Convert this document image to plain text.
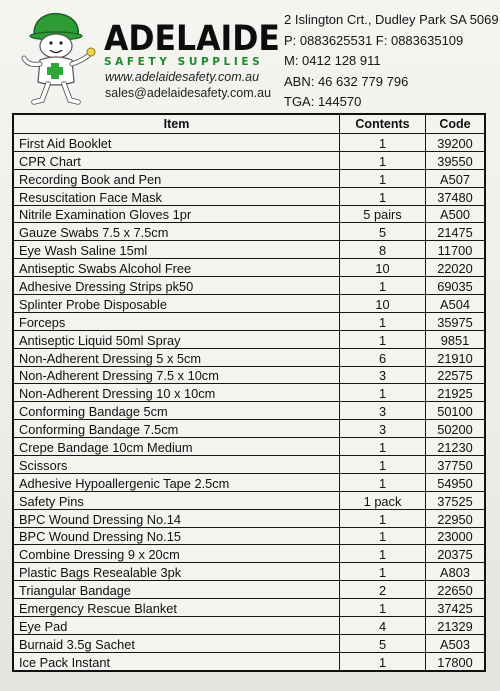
ADELAIDE
SAFETY SUPPLIES
www.adelaidesafety.com.au
sales@adelaidesafety.com.au
2 Islington Crt., Dudley Park SA 5069
P: 0883625531 F: 0883635109
M: 0412 128 911
ABN: 46 632 779 796
TGA: 144570
Item	Contents	Code
First Aid Booklet	1	39200
CPR Chart	1	39550
Recording Book and Pen	1	A507
Resuscitation Face Mask	1	37480
Nitrile Examination Gloves 1pr	5 pairs	A500
Gauze Swabs 7.5 x 7.5cm	5	21475
Eye Wash Saline 15ml	8	11700
Antiseptic Swabs Alcohol Free	10	22020
Adhesive Dressing Strips pk50	1	69035
Splinter Probe Disposable	10	A504
Forceps	1	35975
Antiseptic Liquid 50ml Spray	1	9851
Non-Adherent Dressing 5 x 5cm	6	21910
Non-Adherent Dressing 7.5 x 10cm	3	22575
Non-Adherent Dressing 10 x 10cm	1	21925
Conforming Bandage 5cm	3	50100
Conforming Bandage 7.5cm	3	50200
Crepe Bandage 10cm Medium	1	21230
Scissors	1	37750
Adhesive Hypoallergenic Tape 2.5cm	1	54950
Safety Pins	1 pack	37525
BPC Wound Dressing No.14	1	22950
BPC Wound Dressing No.15	1	23000
Combine Dressing 9 x 20cm	1	20375
Plastic Bags Resealable 3pk	1	A803
Triangular Bandage	2	22650
Emergency Rescue Blanket	1	37425
Eye Pad	4	21329
Burnaid 3.5g Sachet	5	A503
Ice Pack Instant	1	17800
